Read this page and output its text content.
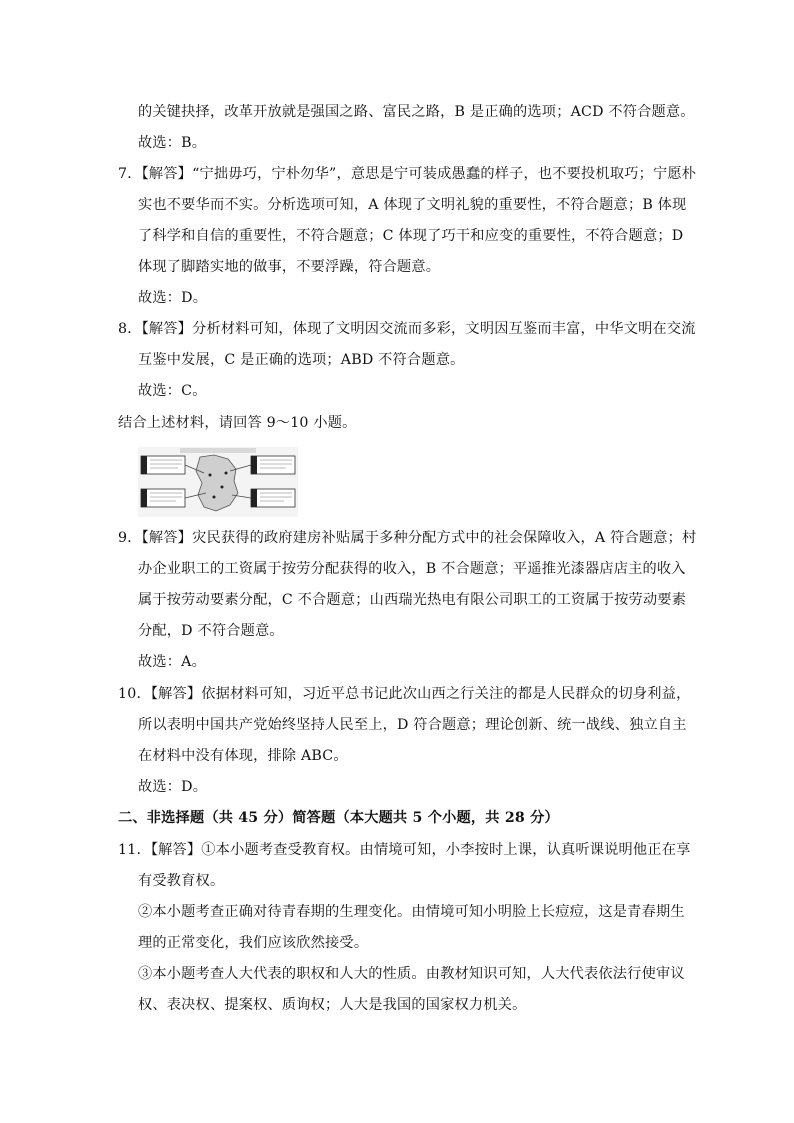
的关键抉择，改革开放就是强国之路、富民之路，B 是正确的选项；ACD 不符合题意。
故选：B。
7．【解答】“宁拙毋巧，宁朴勿华”，意思是宁可装成愚蠢的样子，也不要投机取巧；宁愿朴
实也不要华而不实。分析选项可知，A 体现了文明礼貌的重要性，不符合题意；B 体现
了科学和自信的重要性，不符合题意；C 体现了巧干和应变的重要性，不符合题意；D
体现了脚踏实地的做事，不要浮躁，符合题意。
故选：D。
8．【解答】分析材料可知，体现了文明因交流而多彩，文明因互鉴而丰富，中华文明在交流
互鉴中发展，C 是正确的选项；ABD 不符合题意。
故选：C。
结合上述材料，请回答 9～10 小题。
9．【解答】灾民获得的政府建房补贴属于多种分配方式中的社会保障收入，A 符合题意；村
办企业职工的工资属于按劳分配获得的收入，B 不合题意；平遥推光漆器店店主的收入
属于按劳动要素分配，C 不合题意；山西瑞光热电有限公司职工的工资属于按劳动要素
分配，D 不符合题意。
故选：A。
10．【解答】依据材料可知，习近平总书记此次山西之行关注的都是人民群众的切身利益，
所以表明中国共产党始终坚持人民至上，D 符合题意；理论创新、统一战线、独立自主
在材料中没有体现，排除 ABC。
故选：D。
二、非选择题（共 45 分）简答题（本大题共 5 个小题，共 28 分）
11．【解答】①本小题考查受教育权。由情境可知，小李按时上课，认真听课说明他正在享
有受教育权。
②本小题考查正确对待青春期的生理变化。由情境可知小明脸上长痘痘，这是青春期生
理的正常变化，我们应该欣然接受。
③本小题考查人大代表的职权和人大的性质。由教材知识可知，人大代表依法行使审议
权、表决权、提案权、质询权；人大是我国的国家权力机关。
